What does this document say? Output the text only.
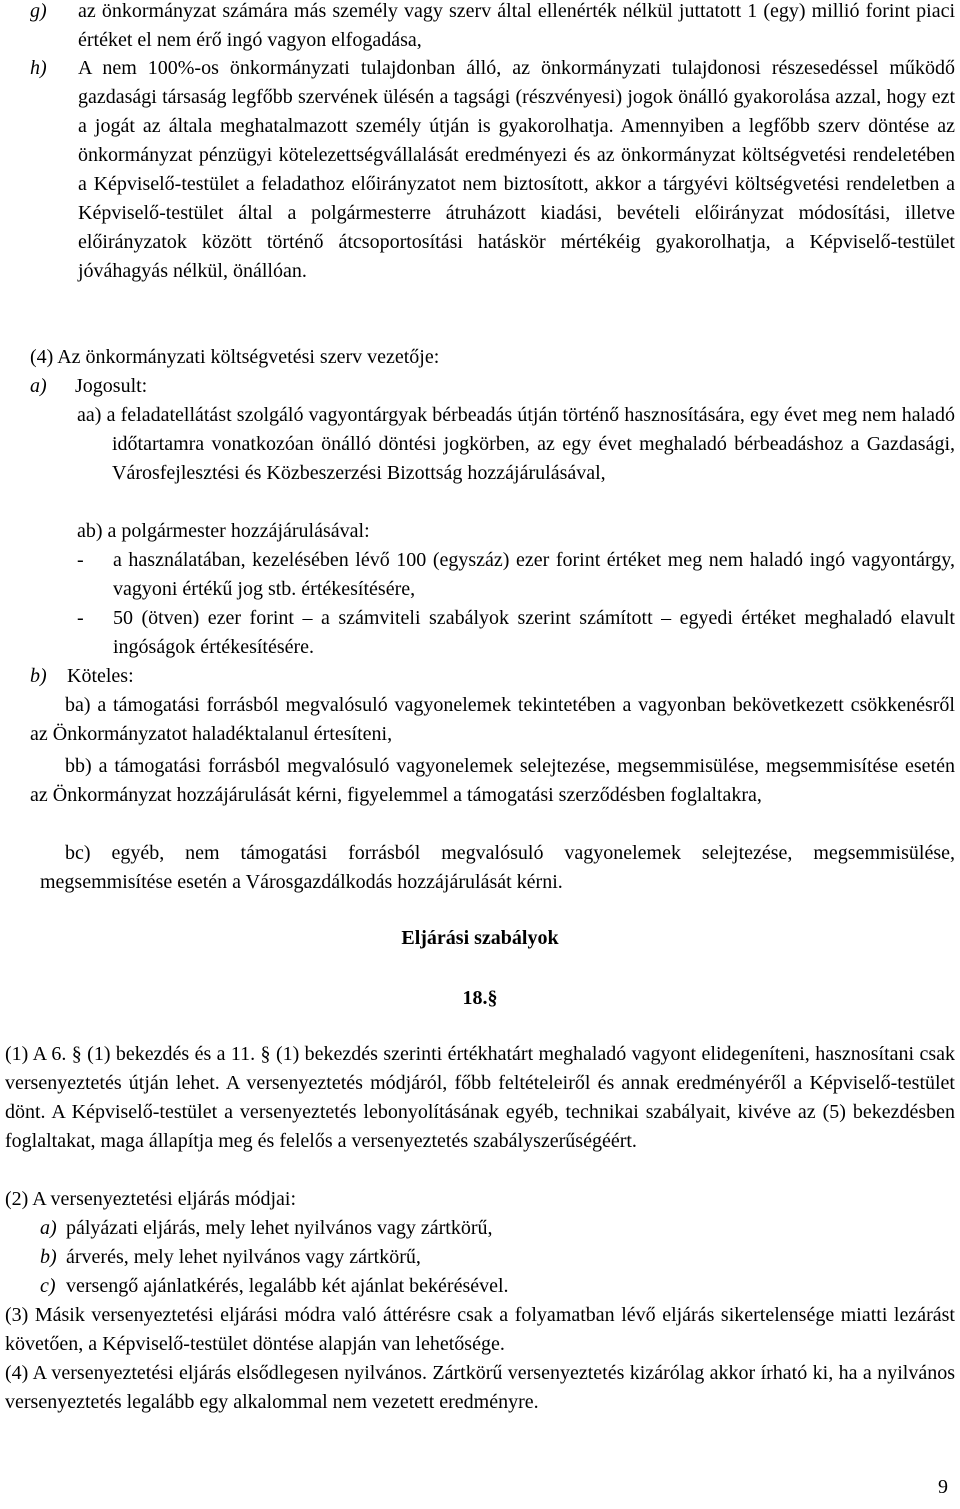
g) az önkormányzat számára más személy vagy szerv által ellenérték nélkül juttatott 1 (egy) millió forint piaci értéket el nem érő ingó vagyon elfogadása,
h) A nem 100%-os önkormányzati tulajdonban álló, az önkormányzati tulajdonosi részesedéssel működő gazdasági társaság legfőbb szervének ülésén a tagsági (részvényesi) jogok önálló gyakorolása azzal, hogy ezt a jogát az általa meghatalmazott személy útján is gyakorolhatja. Amennyiben a legfőbb szerv döntése az önkormányzat pénzügyi kötelezettségvállalását eredményezi és az önkormányzat költségvetési rendeletében a Képviselő-testület a feladathoz előirányzatot nem biztosított, akkor a tárgyévi költségvetési rendeletben a Képviselő-testület által a polgármesterre átruházott kiadási, bevételi előirányzat módosítási, illetve előirányzatok között történő átcsoportosítási hatáskör mértékéig gyakorolhatja, a Képviselő-testület jóváhagyás nélkül, önállóan.
(4) Az önkormányzati költségvetési szerv vezetője:
a) Jogosult:
aa) a feladatellátást szolgáló vagyontárgyak bérbeadás útján történő hasznosítására, egy évet meg nem haladó időtartamra vonatkozóan önálló döntési jogkörben, az egy évet meghaladó bérbeadáshoz a Gazdasági, Városfejlesztési és Közbeszerzési Bizottság hozzájárulásával,
ab) a polgármester hozzájárulásával:
- a használatában, kezelésében lévő 100 (egyszáz) ezer forint értéket meg nem haladó ingó vagyontárgy, vagyoni értékű jog stb. értékesítésére,
- 50 (ötven) ezer forint – a számviteli szabályok szerint számított – egyedi értéket meghaladó elavult ingóságok értékesítésére.
b) Köteles:
ba) a támogatási forrásból megvalósuló vagyonelemek tekintetében a vagyonban bekövetkezett csökkenésről az Önkormányzatot haladéktalanul értesíteni,
bb) a támogatási forrásból megvalósuló vagyonelemek selejtezése, megsemmisülése, megsemmisítése esetén az Önkormányzat hozzájárulását kérni, figyelemmel a támogatási szerződésben foglaltakra,
bc) egyéb, nem támogatási forrásból megvalósuló vagyonelemek selejtezése, megsemmisülése, megsemmisítése esetén a Városgazdálkodás hozzájárulását kérni.
Eljárási szabályok
18.§
(1) A 6. § (1) bekezdés és a 11. § (1) bekezdés szerinti értékhatárt meghaladó vagyont elidegeníteni, hasznosítani csak versenyeztetés útján lehet. A versenyeztetés módjáról, főbb feltételeiről és annak eredményéről a Képviselő-testület dönt. A Képviselő-testület a versenyeztetés lebonyolításának egyéb, technikai szabályait, kivéve az (5) bekezdésben foglaltakat, maga állapítja meg és felelős a versenyeztetés szabályszerűségéért.
(2) A versenyeztetési eljárás módjai:
a) pályázati eljárás, mely lehet nyilvános vagy zártkörű,
b) árverés, mely lehet nyilvános vagy zártkörű,
c) versengő ajánlatkérés, legalább két ajánlat bekérésével.
(3) Másik versenyeztetési eljárási módra való áttérésre csak a folyamatban lévő eljárás sikertelensége miatti lezárást követően, a Képviselő-testület döntése alapján van lehetősége.
(4) A versenyeztetési eljárás elsődlegesen nyilvános. Zártkörű versenyeztetés kizárólag akkor írható ki, ha a nyilvános versenyeztetés legalább egy alkalommal nem vezetett eredményre.
9
